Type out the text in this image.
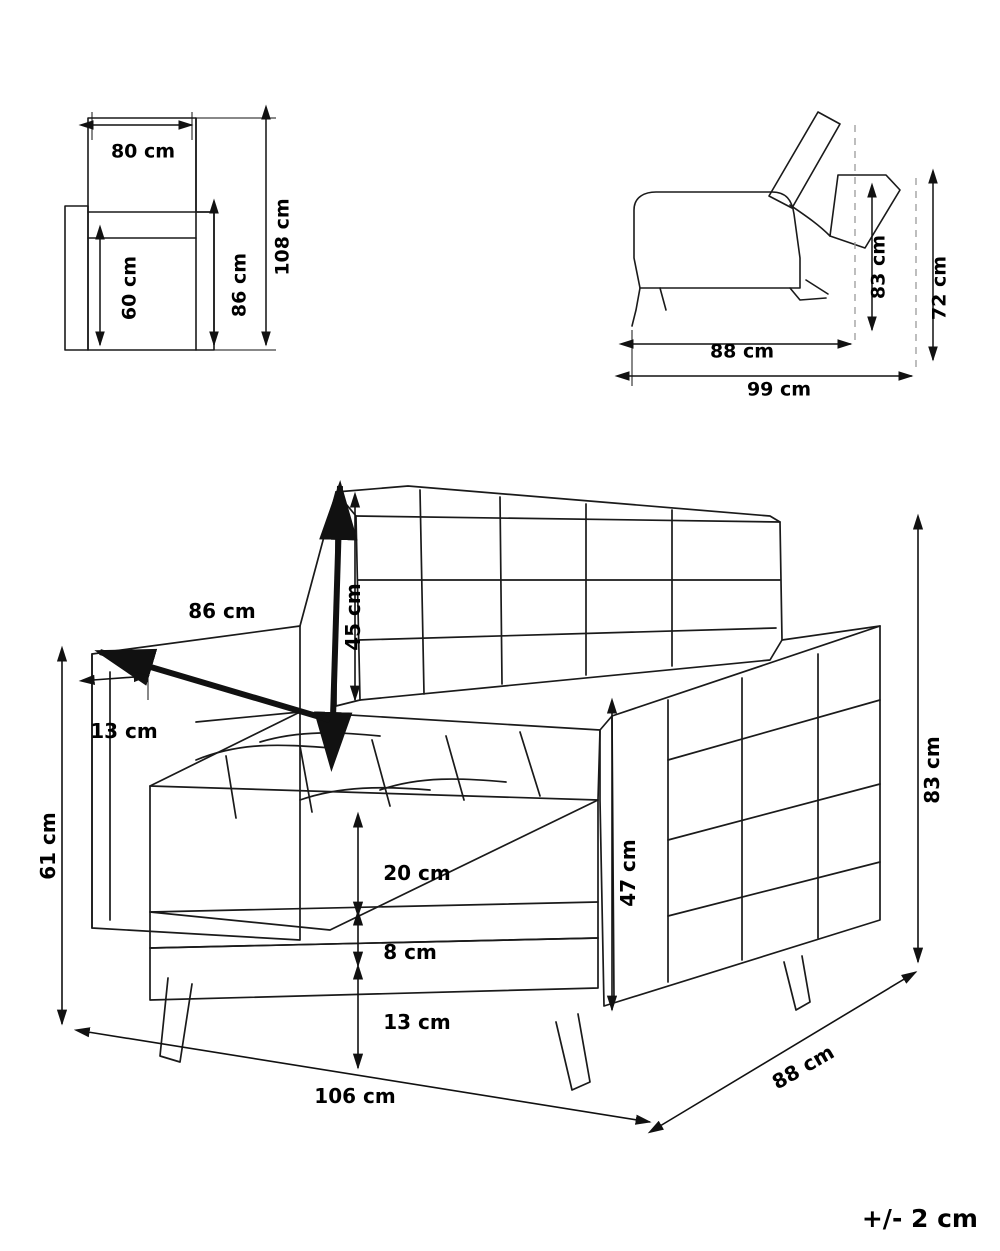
80 cm
60 cm	86 cm
108 cm	83 cm 72 cm
88 cm
99 cm
86 cm	45 cm
13 cm
61 cm	20 cm
8 cm
13 cm
47 cm
83 cm
106 cm
88 cm
+/- 2 cm
